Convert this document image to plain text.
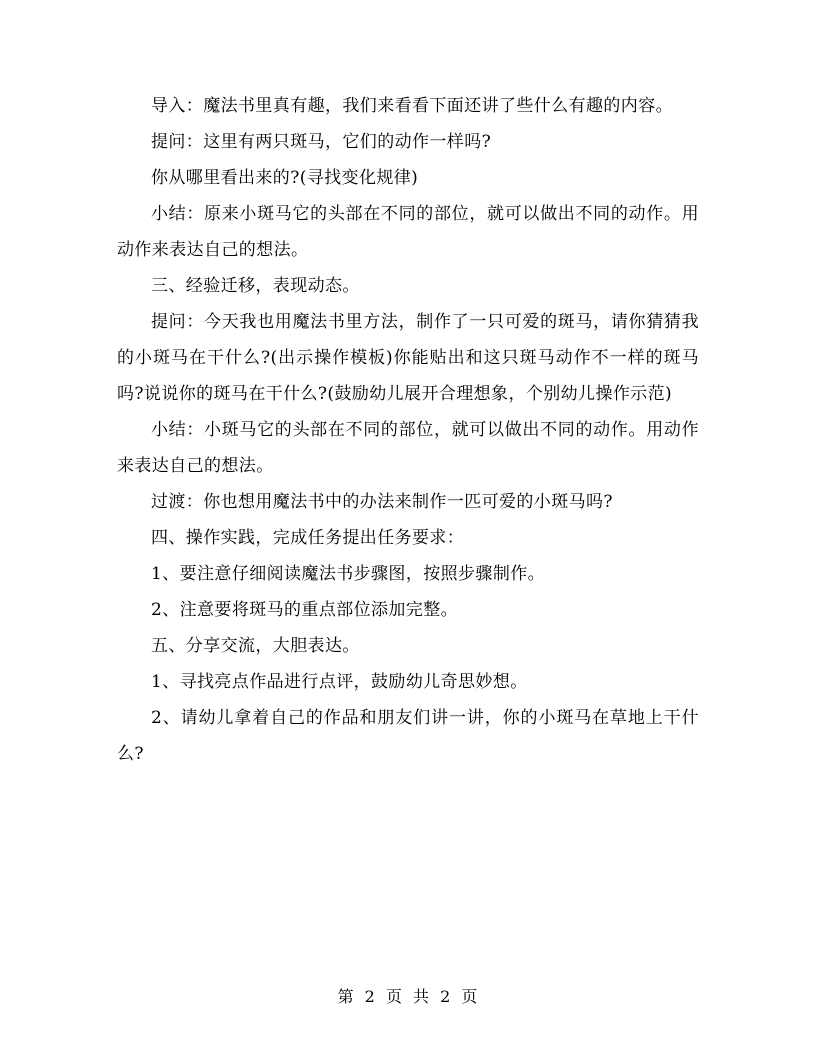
导入：魔法书里真有趣，我们来看看下面还讲了些什么有趣的内容。

提问：这里有两只斑马，它们的动作一样吗?

你从哪里看出来的?(寻找变化规律)

小结：原来小斑马它的头部在不同的部位，就可以做出不同的动作。用动作来表达自己的想法。

三、经验迁移，表现动态。

提问：今天我也用魔法书里方法，制作了一只可爱的斑马，请你猜猜我的小斑马在干什么?(出示操作模板)你能贴出和这只斑马动作不一样的斑马吗?说说你的斑马在干什么?(鼓励幼儿展开合理想象，个别幼儿操作示范)

小结：小斑马它的头部在不同的部位，就可以做出不同的动作。用动作来表达自己的想法。

过渡：你也想用魔法书中的办法来制作一匹可爱的小斑马吗?

四、操作实践，完成任务提出任务要求：

1、要注意仔细阅读魔法书步骤图，按照步骤制作。

2、注意要将斑马的重点部位添加完整。

五、分享交流，大胆表达。

1、寻找亮点作品进行点评，鼓励幼儿奇思妙想。

2、请幼儿拿着自己的作品和朋友们讲一讲，你的小斑马在草地上干什么?

第 2 页 共 2 页
